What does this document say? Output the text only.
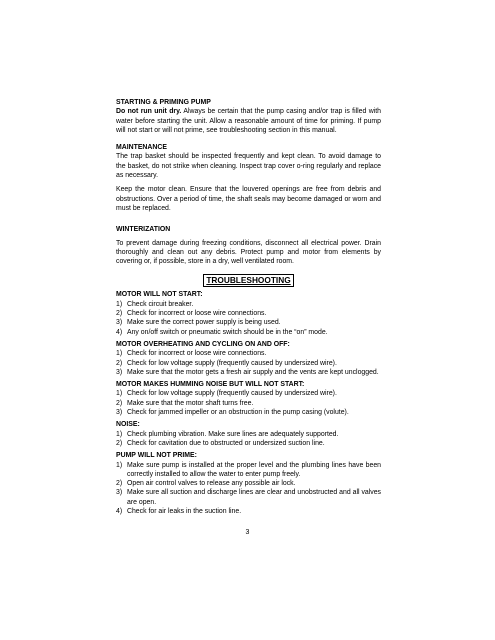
STARTING & PRIMING PUMP

Do not run unit dry. Always be certain that the pump casing and/or trap is filled with water before starting the unit. Allow a reasonable amount of time for priming. If pump will not start or will not prime, see troubleshooting section in this manual.

MAINTENANCE

The trap basket should be inspected frequently and kept clean. To avoid damage to the basket, do not strike when cleaning. Inspect trap cover o-ring regularly and replace as necessary.

Keep the motor clean. Ensure that the louvered openings are free from debris and obstructions. Over a period of time, the shaft seals may become damaged or worn and must be replaced.

WINTERIZATION

To prevent damage during freezing conditions, disconnect all electrical power. Drain thoroughly and clean out any debris. Protect pump and motor from elements by covering or, if possible, store in a dry, well ventilated room.

TROUBLESHOOTING

MOTOR WILL NOT START:

1) Check circuit breaker.
2) Check for incorrect or loose wire connections.
3) Make sure the correct power supply is being used.
4) Any on/off switch or pneumatic switch should be in the “on” mode.

MOTOR OVERHEATING AND CYCLING ON AND OFF:

1) Check for incorrect or loose wire connections.
2) Check for low voltage supply (frequently caused by undersized wire).
3) Make sure that the motor gets a fresh air supply and the vents are kept unclogged.

MOTOR MAKES HUMMING NOISE BUT WILL NOT START:

1) Check for low voltage supply (frequently caused by undersized wire).
2) Make sure that the motor shaft turns free.
3) Check for jammed impeller or an obstruction in the pump casing (volute).

NOISE:

1) Check plumbing vibration. Make sure lines are adequately supported.
2) Check for cavitation due to obstructed or undersized suction line.

PUMP WILL NOT PRIME:

1) Make sure pump is installed at the proper level and the plumbing lines have been correctly installed to allow the water to enter pump freely.
2) Open air control valves to release any possible air lock.
3) Make sure all suction and discharge lines are clear and unobstructed and all valves are open.
4) Check for air leaks in the suction line.
3
